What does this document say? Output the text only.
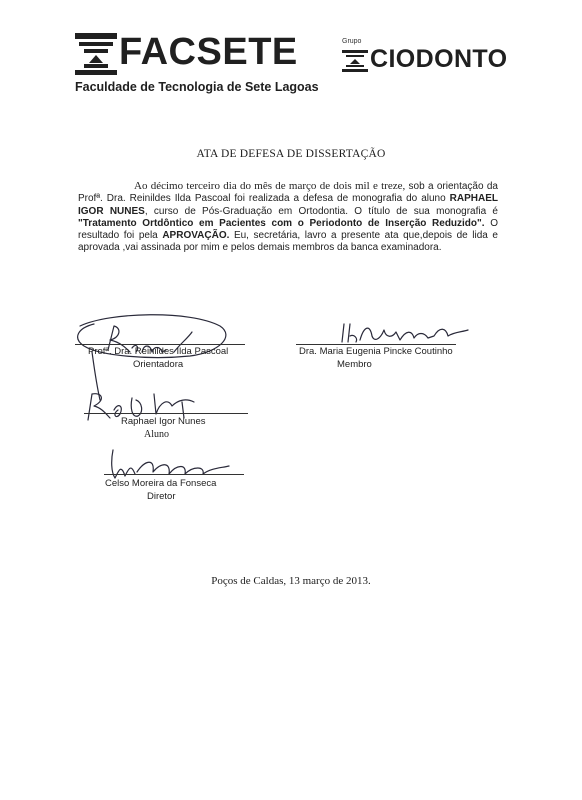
FACSETE
Faculdade de Tecnologia de Sete Lagoas
Grupo
CIODONTO
ATA DE DEFESA DE DISSERTAÇÃO
Ao décimo terceiro dia do mês de março de dois mil e treze, sob a orientação da Profª. Dra. Reinildes Ilda Pascoal foi realizada a defesa de monografia do aluno RAPHAEL IGOR NUNES, curso de Pós-Graduação em Ortodontia. O título de sua monografia é "Tratamento Ortdôntico em Pacientes com o Periodonto de Inserção Reduzido". O resultado foi pela APROVAÇÃO. Eu, secretária, lavro a presente ata que,depois de lida e aprovada ,vai assinada por mim e pelos demais membros da banca examinadora.
Profª. Dra. Reinildes Ilda Pascoal
Orientadora
Dra. Maria Eugenia Pincke Coutinho
Membro
Raphael Igor Nunes
Aluno
Celso Moreira da Fonseca
Diretor
Poços de Caldas, 13 março de 2013.
